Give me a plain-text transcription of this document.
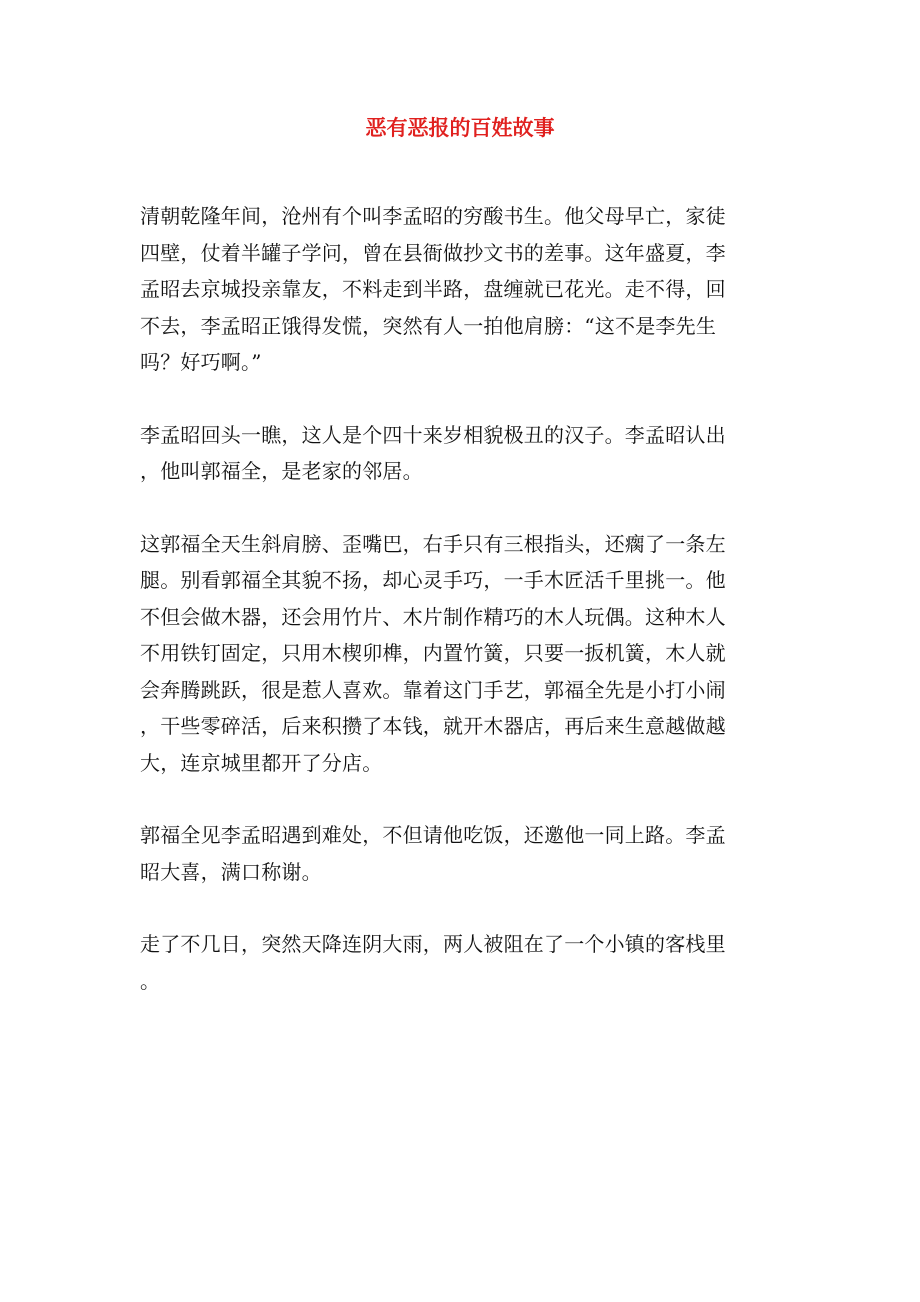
恶有恶报的百姓故事

清朝乾隆年间，沧州有个叫李孟昭的穷酸书生。他父母早亡，家徒
四壁，仗着半罐子学问，曾在县衙做抄文书的差事。这年盛夏，李
孟昭去京城投亲靠友，不料走到半路，盘缠就已花光。走不得，回
不去，李孟昭正饿得发慌，突然有人一拍他肩膀：“这不是李先生
吗？好巧啊。”

李孟昭回头一瞧，这人是个四十来岁相貌极丑的汉子。李孟昭认出
，他叫郭福全，是老家的邻居。

这郭福全天生斜肩膀、歪嘴巴，右手只有三根指头，还瘸了一条左
腿。别看郭福全其貌不扬，却心灵手巧，一手木匠活千里挑一。他
不但会做木器，还会用竹片、木片制作精巧的木人玩偶。这种木人
不用铁钉固定，只用木楔卯榫，内置竹簧，只要一扳机簧，木人就
会奔腾跳跃，很是惹人喜欢。靠着这门手艺，郭福全先是小打小闹
，干些零碎活，后来积攒了本钱，就开木器店，再后来生意越做越
大，连京城里都开了分店。

郭福全见李孟昭遇到难处，不但请他吃饭，还邀他一同上路。李孟
昭大喜，满口称谢。

走了不几日，突然天降连阴大雨，两人被阻在了一个小镇的客栈里
。
